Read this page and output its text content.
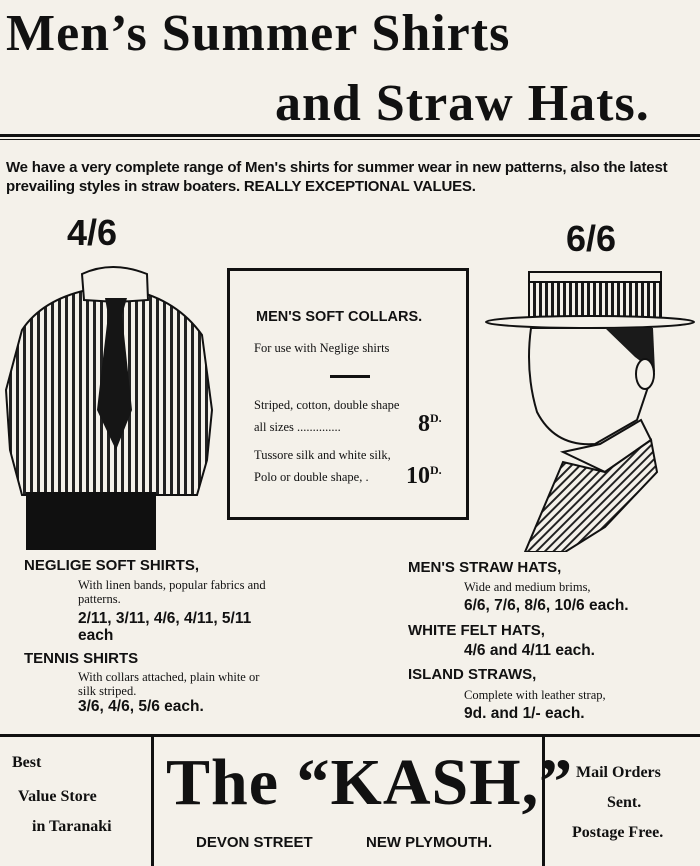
Men’s Summer Shirts
and Straw Hats.
We have a very complete range of Men's shirts for summer wear in new patterns, also the latest prevailing styles in straw boaters. REALLY EXCEPTIONAL VALUES.
4/6	6/6
MEN'S SOFT COLLARS.
For use with Neglige shirts
Striped, cotton, double shape
all sizes ..............	$8^{D.}$
Tussore silk and white silk,
Polo or double shape, . $10^{D.}$
NEGLIGE SOFT SHIRTS,
With linen bands, popular fabrics and
patterns.
2/11, 3/11, 4/6, 4/11, 5/11
each
TENNIS SHIRTS
With collars attached, plain white or
silk striped.
3/6, 4/6, 5/6 each.
MEN'S STRAW HATS,
Wide and medium brims,
6/6, 7/6, 8/6, 10/6 each.
WHITE FELT HATS,
4/6 and 4/11 each.
ISLAND STRAWS,
Complete with leather strap,
9d. and 1/- each.
Best
Value Store
in Taranaki
The “KASH,”
DEVON STREET	NEW PLYMOUTH.
Mail Orders
Sent.
Postage Free.
